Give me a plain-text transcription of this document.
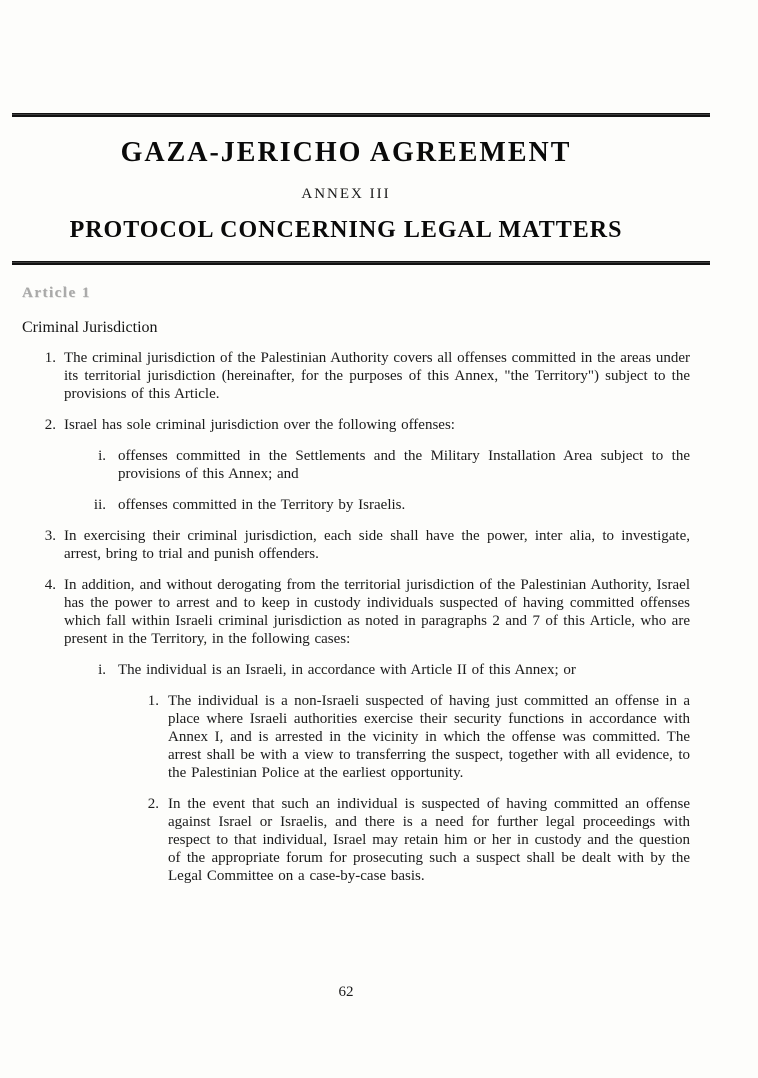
GAZA-JERICHO AGREEMENT
ANNEX III
PROTOCOL CONCERNING LEGAL MATTERS
Article 1
Criminal Jurisdiction
1. The criminal jurisdiction of the Palestinian Authority covers all offenses committed in the areas under its territorial jurisdiction (hereinafter, for the purposes of this Annex, "the Territory") subject to the provisions of this Article.
2. Israel has sole criminal jurisdiction over the following offenses:
i. offenses committed in the Settlements and the Military Installation Area subject to the provisions of this Annex; and
ii. offenses committed in the Territory by Israelis.
3. In exercising their criminal jurisdiction, each side shall have the power, inter alia, to investigate, arrest, bring to trial and punish offenders.
4. In addition, and without derogating from the territorial jurisdiction of the Palestinian Authority, Israel has the power to arrest and to keep in custody individuals suspected of having committed offenses which fall within Israeli criminal jurisdiction as noted in paragraphs 2 and 7 of this Article, who are present in the Territory, in the following cases:
i. The individual is an Israeli, in accordance with Article II of this Annex; or
1. The individual is a non-Israeli suspected of having just committed an offense in a place where Israeli authorities exercise their security functions in accordance with Annex I, and is arrested in the vicinity in which the offense was committed. The arrest shall be with a view to transferring the suspect, together with all evidence, to the Palestinian Police at the earliest opportunity.
2. In the event that such an individual is suspected of having committed an offense against Israel or Israelis, and there is a need for further legal proceedings with respect to that individual, Israel may retain him or her in custody and the question of the appropriate forum for prosecuting such a suspect shall be dealt with by the Legal Committee on a case-by-case basis.
62
